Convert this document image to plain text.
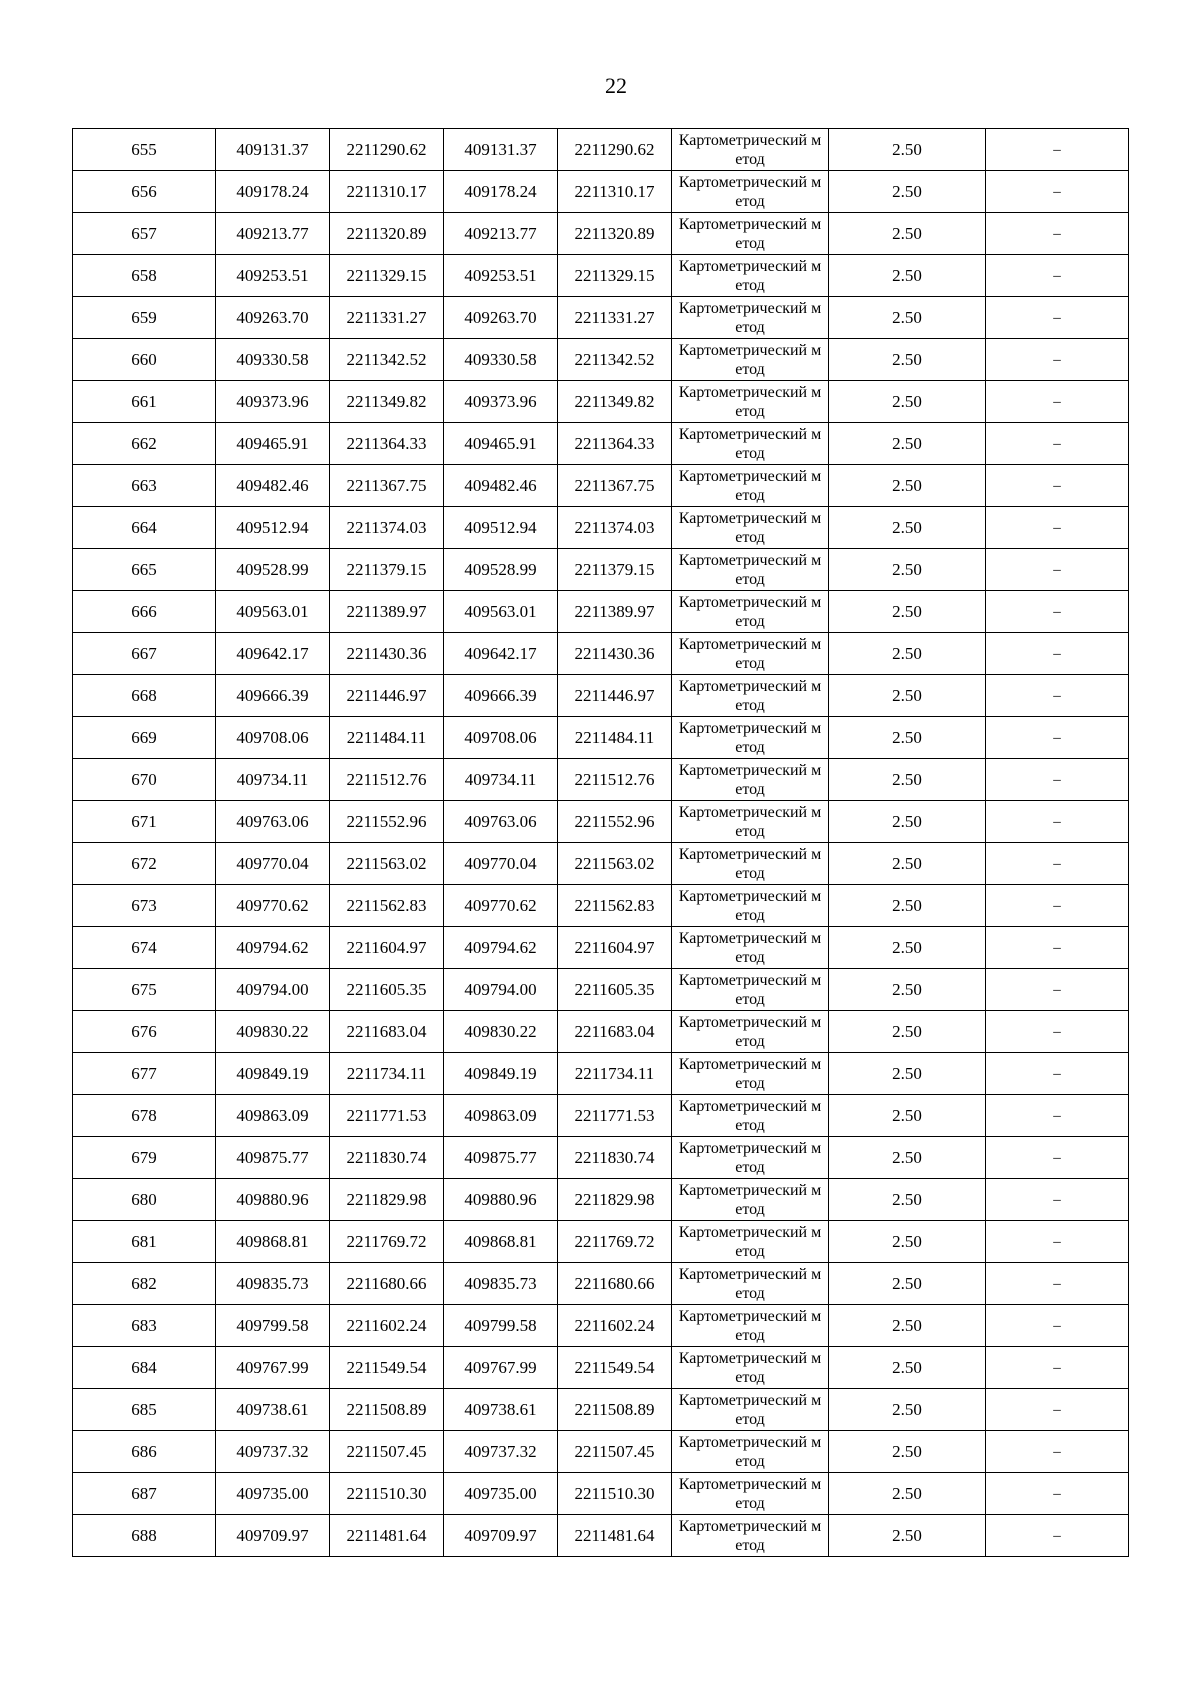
22
655	409131.37	2211290.62	409131.37	2211290.62	Картометрический метод	2.50	–
656	409178.24	2211310.17	409178.24	2211310.17	Картометрический метод	2.50	–
657	409213.77	2211320.89	409213.77	2211320.89	Картометрический метод	2.50	–
658	409253.51	2211329.15	409253.51	2211329.15	Картометрический метод	2.50	–
659	409263.70	2211331.27	409263.70	2211331.27	Картометрический метод	2.50	–
660	409330.58	2211342.52	409330.58	2211342.52	Картометрический метод	2.50	–
661	409373.96	2211349.82	409373.96	2211349.82	Картометрический метод	2.50	–
662	409465.91	2211364.33	409465.91	2211364.33	Картометрический метод	2.50	–
663	409482.46	2211367.75	409482.46	2211367.75	Картометрический метод	2.50	–
664	409512.94	2211374.03	409512.94	2211374.03	Картометрический метод	2.50	–
665	409528.99	2211379.15	409528.99	2211379.15	Картометрический метод	2.50	–
666	409563.01	2211389.97	409563.01	2211389.97	Картометрический метод	2.50	–
667	409642.17	2211430.36	409642.17	2211430.36	Картометрический метод	2.50	–
668	409666.39	2211446.97	409666.39	2211446.97	Картометрический метод	2.50	–
669	409708.06	2211484.11	409708.06	2211484.11	Картометрический метод	2.50	–
670	409734.11	2211512.76	409734.11	2211512.76	Картометрический метод	2.50	–
671	409763.06	2211552.96	409763.06	2211552.96	Картометрический метод	2.50	–
672	409770.04	2211563.02	409770.04	2211563.02	Картометрический метод	2.50	–
673	409770.62	2211562.83	409770.62	2211562.83	Картометрический метод	2.50	–
674	409794.62	2211604.97	409794.62	2211604.97	Картометрический метод	2.50	–
675	409794.00	2211605.35	409794.00	2211605.35	Картометрический метод	2.50	–
676	409830.22	2211683.04	409830.22	2211683.04	Картометрический метод	2.50	–
677	409849.19	2211734.11	409849.19	2211734.11	Картометрический метод	2.50	–
678	409863.09	2211771.53	409863.09	2211771.53	Картометрический метод	2.50	–
679	409875.77	2211830.74	409875.77	2211830.74	Картометрический метод	2.50	–
680	409880.96	2211829.98	409880.96	2211829.98	Картометрический метод	2.50	–
681	409868.81	2211769.72	409868.81	2211769.72	Картометрический метод	2.50	–
682	409835.73	2211680.66	409835.73	2211680.66	Картометрический метод	2.50	–
683	409799.58	2211602.24	409799.58	2211602.24	Картометрический метод	2.50	–
684	409767.99	2211549.54	409767.99	2211549.54	Картометрический метод	2.50	–
685	409738.61	2211508.89	409738.61	2211508.89	Картометрический метод	2.50	–
686	409737.32	2211507.45	409737.32	2211507.45	Картометрический метод	2.50	–
687	409735.00	2211510.30	409735.00	2211510.30	Картометрический метод	2.50	–
688	409709.97	2211481.64	409709.97	2211481.64	Картометрический метод	2.50	–
